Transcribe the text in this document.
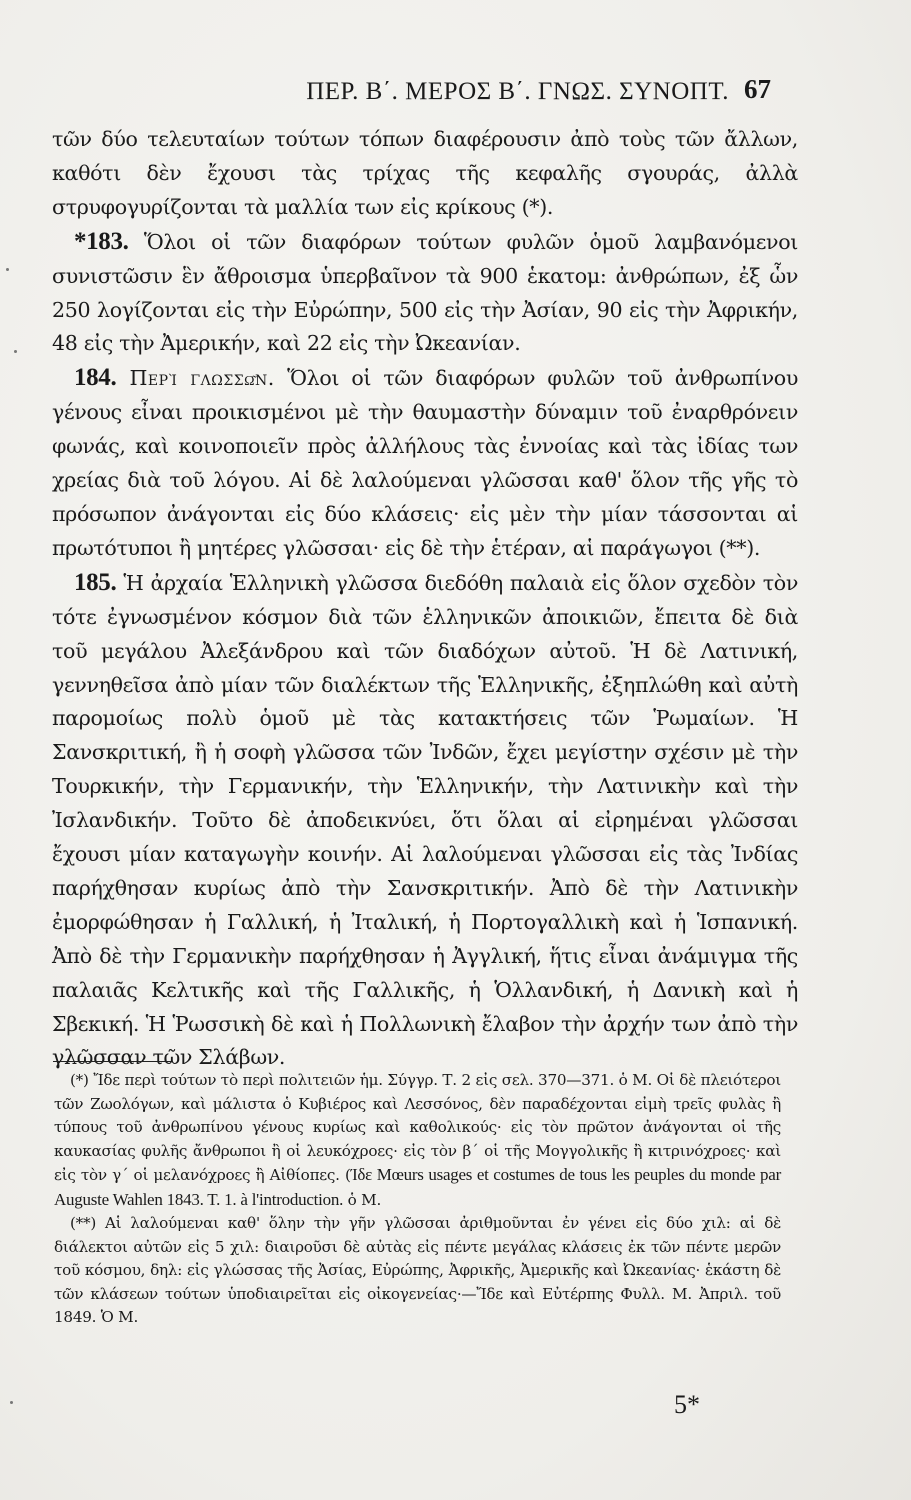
ΠΕΡ. Β΄. ΜΕΡΟΣ Β΄. ΓΝΩΣ. ΣΥΝΟΠΤ. 67

τῶν δύο τελευταίων τούτων τόπων διαφέρουσιν ἀπὸ τοὺς τῶν ἄλλων, καθότι δὲν ἔχουσι τὰς τρίχας τῆς κεφαλῆς σγουράς, ἀλλὰ στρυφογυρίζονται τὰ μαλλία των εἰς κρίκους (*).

*183. Ὅλοι οἱ τῶν διαφόρων τούτων φυλῶν ὁμοῦ λαμβανόμενοι συνιστῶσιν ἓν ἄθροισμα ὑπερβαῖνον τὰ 900 ἑκατομ: ἀνθρώπων, ἐξ ὧν 250 λογίζονται εἰς τὴν Εὐρώπην, 500 εἰς τὴν Ἀσίαν, 90 εἰς τὴν Ἀφρικήν, 48 εἰς τὴν Ἀμερικήν, καὶ 22 εἰς τὴν Ὠκεανίαν.

184. Περὶ γλωσσῶν. Ὅλοι οἱ τῶν διαφόρων φυλῶν τοῦ ἀνθρωπίνου γένους εἶναι προικισμένοι μὲ τὴν θαυμαστὴν δύναμιν τοῦ ἐναρθρόνειν φωνάς, καὶ κοινοποιεῖν πρὸς ἀλλήλους τὰς ἐννοίας καὶ τὰς ἰδίας των χρείας διὰ τοῦ λόγου. Αἱ δὲ λαλούμεναι γλῶσσαι καθ' ὅλον τῆς γῆς τὸ πρόσωπον ἀνάγονται εἰς δύο κλάσεις· εἰς μὲν τὴν μίαν τάσσονται αἱ πρωτότυποι ἢ μητέρες γλῶσσαι· εἰς δὲ τὴν ἑτέραν, αἱ παράγωγοι (**).

185. Ἡ ἀρχαία Ἑλληνικὴ γλῶσσα διεδόθη παλαιὰ εἰς ὅλον σχεδὸν τὸν τότε ἐγνωσμένον κόσμον διὰ τῶν ἑλληνικῶν ἀποικιῶν, ἔπειτα δὲ διὰ τοῦ μεγάλου Ἀλεξάνδρου καὶ τῶν διαδόχων αὐτοῦ. Ἡ δὲ Λατινική, γεννηθεῖσα ἀπὸ μίαν τῶν διαλέκτων τῆς Ἑλληνικῆς, ἐξηπλώθη καὶ αὐτὴ παρομοίως πολὺ ὁμοῦ μὲ τὰς κατακτήσεις τῶν Ῥωμαίων. Ἡ Σανσκριτική, ἢ ἡ σοφὴ γλῶσσα τῶν Ἰνδῶν, ἔχει μεγίστην σχέσιν μὲ τὴν Τουρκικήν, τὴν Γερμανικήν, τὴν Ἑλληνικήν, τὴν Λατινικὴν καὶ τὴν Ἰσλανδικήν. Τοῦτο δὲ ἀποδεικνύει, ὅτι ὅλαι αἱ εἰρημέναι γλῶσσαι ἔχουσι μίαν καταγωγὴν κοινήν. Αἱ λαλούμεναι γλῶσσαι εἰς τὰς Ἰνδίας παρήχθησαν κυρίως ἀπὸ τὴν Σανσκριτικήν. Ἀπὸ δὲ τὴν Λατινικὴν ἐμορφώθησαν ἡ Γαλλική, ἡ Ἰταλική, ἡ Πορτογαλλικὴ καὶ ἡ Ἱσπανική. Ἀπὸ δὲ τὴν Γερμανικὴν παρήχθησαν ἡ Ἀγγλική, ἥτις εἶναι ἀνάμιγμα τῆς παλαιᾶς Κελτικῆς καὶ τῆς Γαλλικῆς, ἡ Ὁλλανδική, ἡ Δανικὴ καὶ ἡ Σβεκική. Ἡ Ῥωσσικὴ δὲ καὶ ἡ Πολλωνικὴ ἔλαβον τὴν ἀρχήν των ἀπὸ τὴν γλῶσσαν τῶν Σλάβων.

(*) Ἴδε περὶ τούτων τὸ περὶ πολιτειῶν ἡμ. Σύγγρ. Τ. 2 εἰς σελ. 370—371. ὁ Μ. Οἱ δὲ πλειότεροι τῶν Ζωολόγων, καὶ μάλιστα ὁ Κυβιέρος καὶ Λεσσόνος, δὲν παραδέχονται εἰμὴ τρεῖς φυλὰς ἢ τύπους τοῦ ἀνθρωπίνου γένους κυρίως καὶ καθολικούς· εἰς τὸν πρῶτον ἀνάγονται οἱ τῆς καυκασίας φυλῆς ἄνθρωποι ἢ οἱ λευκόχροες· εἰς τὸν β΄ οἱ τῆς Μογγολικῆς ἢ κιτρινόχροες· καὶ εἰς τὸν γ΄ οἱ μελανόχροες ἢ Αἰθίοπες. (Ίδε Mœurs usages et costumes de tous les peuples du monde par Auguste Wahlen 1843. T. 1. à l'introduction. ὁ Μ.

(**) Αἱ λαλούμεναι καθ' ὅλην τὴν γῆν γλῶσσαι ἀριθμοῦνται ἐν γένει εἰς δύο χιλ: αἱ δὲ διάλεκτοι αὐτῶν εἰς 5 χιλ: διαιροῦσι δὲ αὐτὰς εἰς πέντε μεγάλας κλάσεις ἐκ τῶν πέντε μερῶν τοῦ κόσμου, δηλ: εἰς γλώσσας τῆς Ἀσίας, Εὐρώπης, Ἀφρικῆς, Ἀμερικῆς καὶ Ὠκεανίας· ἑκάστη δὲ τῶν κλάσεων τούτων ὑποδιαιρεῖται εἰς οἰκογενείας·—Ἴδε καὶ Εὐτέρπης Φυλλ. Μ. Ἀπριλ. τοῦ 1849. Ὁ Μ.

5*
